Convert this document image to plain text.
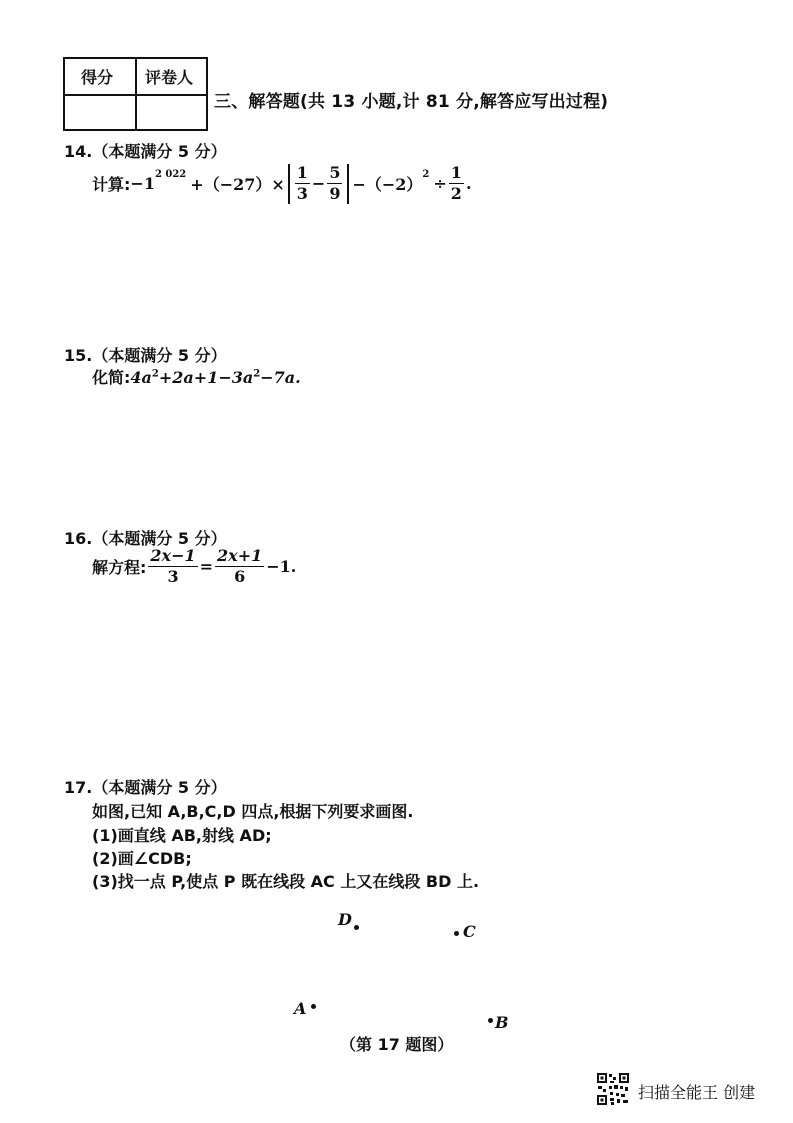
得分 评卷人
三、解答题(共 13 小题,计 81 分,解答应写出过程)
14.（本题满分 5 分）
计算: $-1^{2 022}$
$+(-27)\times \frac{1}{3} - \frac{5}{9} -(-2)$
$^2 \div \frac{1}{2}$ .
15.（本题满分 5 分）
化简$:4a^2+2a+1-3a^2-7a$.
16.（本题满分 5 分）
解方程: $\frac{2x-1}{3} = \frac{2x+1}{6} -1$.
17.（本题满分 5 分）
如图,已知 A,B,C,D 四点,根据下列要求画图.
(1)画直线 AB,射线 AD;
(2)画∠CDB;
(3)找一点 P,使点 P 既在线段 AC 上又在线段 BD 上.
D
C
A
B
（第 17 题图）
扫描全能王 创建
